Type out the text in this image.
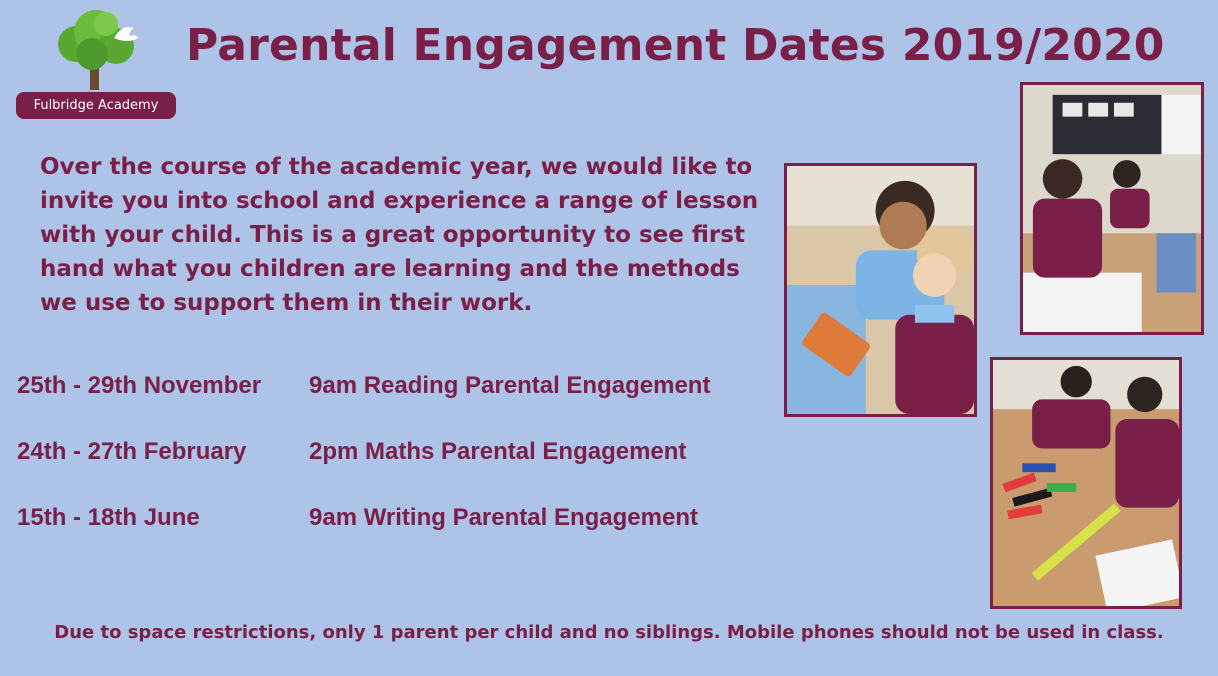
Fulbridge Academy
Parental Engagement Dates 2019/2020
Over the course of the academic year, we would like to invite you into school and experience a range of lesson with your child. This is a great opportunity to see first hand what you children are learning and the methods we use to support them in their work.
25th - 29th November 9am Reading Parental Engagement
24th - 27th February	2pm Maths Parental Engagement
15th - 18th June	9am Writing Parental Engagement
Due to space restrictions, only 1 parent per child and no siblings. Mobile phones should not be used in class.
